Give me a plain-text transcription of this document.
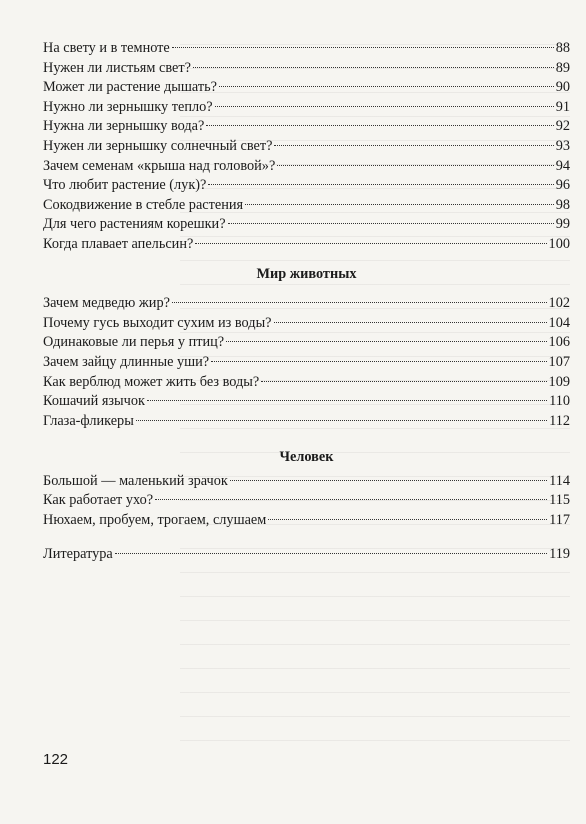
На свету и в темноте	88
Нужен ли листьям свет?	89
Может ли растение дышать?	90
Нужно ли зернышку тепло?	91
Нужна ли зернышку вода?	92
Нужен ли зернышку солнечный свет?	93
Зачем семенам «крыша над головой»?	94
Что любит растение (лук)?	96
Сокодвижение в стебле растения	98
Для чего растениям корешки?	99
Когда плавает апельсин?	100
Мир животных
Зачем медведю жир?	102
Почему гусь выходит сухим из воды?	104
Одинаковые ли перья у птиц?	106
Зачем зайцу длинные уши?	107
Как верблюд может жить без воды?	109
Кошачий язычок	110
Глаза-фликеры	112
Человек
Большой — маленький зрачок	114
Как работает ухо?	115
Нюхаем, пробуем, трогаем, слушаем	117
Литература	119
122
